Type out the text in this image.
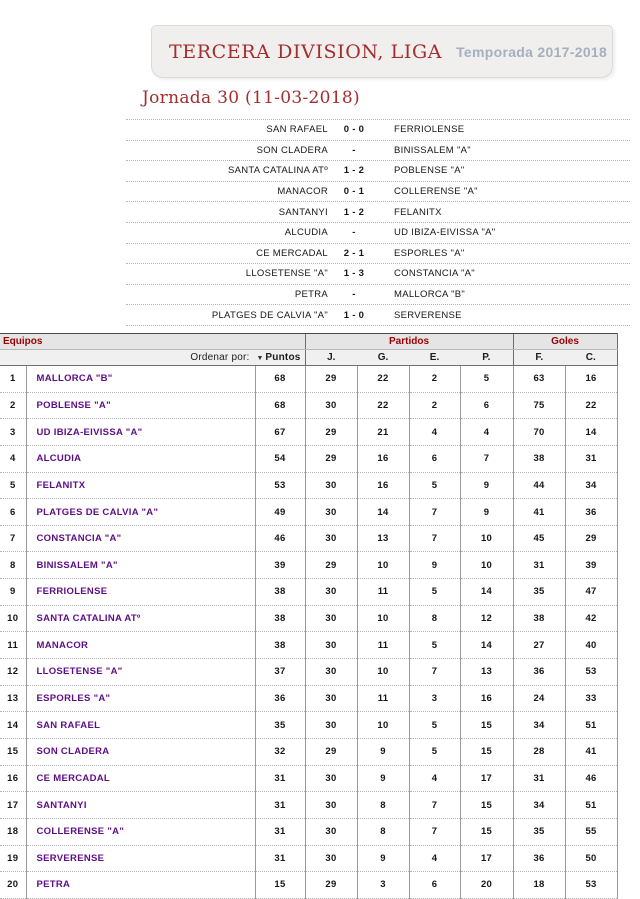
TERCERA DIVISION, LIGA Temporada 2017-2018
Jornada 30 (11-03-2018)
SAN RAFAEL	0 - 0	FERRIOLENSE
SON CLADERA	-	BINISSALEM "A"
SANTA CATALINA ATº	1 - 2	POBLENSE "A"
MANACOR	0 - 1	COLLERENSE "A"
SANTANYI	1 - 2	FELANITX
ALCUDIA	-	UD IBIZA-EIVISSA "A"
CE MERCADAL	2 - 1	ESPORLES "A"
LLOSETENSE "A"	1 - 3	CONSTANCIA "A"
PETRA	-	MALLORCA "B"
PLATGES DE CALVIA "A"	1 - 0	SERVERENSE
Equipos			Partidos				Goles	
Ordenar por: ▼ Puntos			J.	G.	E.	P.	F.	C.
1	MALLORCA "B"	68	29	22	2	5	63	16
2	POBLENSE "A"	68	30	22	2	6	75	22
3	UD IBIZA-EIVISSA "A"	67	29	21	4	4	70	14
4	ALCUDIA	54	29	16	6	7	38	31
5	FELANITX	53	30	16	5	9	44	34
6	PLATGES DE CALVIA "A"	49	30	14	7	9	41	36
7	CONSTANCIA "A"	46	30	13	7	10	45	29
8	BINISSALEM "A"	39	29	10	9	10	31	39
9	FERRIOLENSE	38	30	11	5	14	35	47
10	SANTA CATALINA ATº	38	30	10	8	12	38	42
11	MANACOR	38	30	11	5	14	27	40
12	LLOSETENSE "A"	37	30	10	7	13	36	53
13	ESPORLES "A"	36	30	11	3	16	24	33
14	SAN RAFAEL	35	30	10	5	15	34	51
15	SON CLADERA	32	29	9	5	15	28	41
16	CE MERCADAL	31	30	9	4	17	31	46
17	SANTANYI	31	30	8	7	15	34	51
18	COLLERENSE "A"	31	30	8	7	15	35	55
19	SERVERENSE	31	30	9	4	17	36	50
20	PETRA	15	29	3	6	20	18	53
